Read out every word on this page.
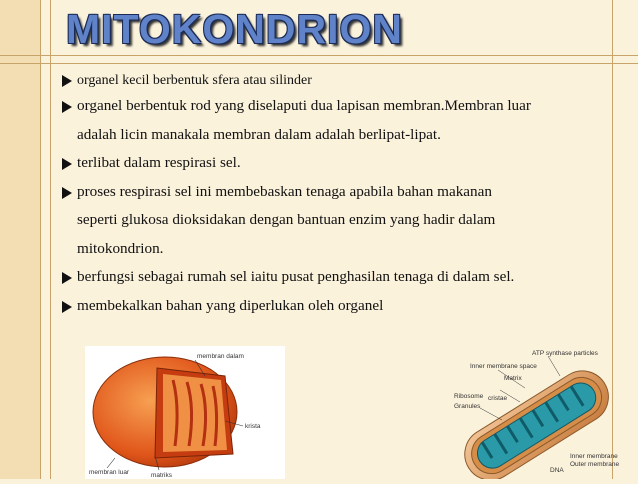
MITOKONDRION
organel kecil berbentuk sfera atau silinder
organel berbentuk rod yang diselaputi dua lapisan membran.Membran luar
adalah licin manakala membran dalam adalah berlipat-lipat.
terlibat dalam respirasi sel.
proses respirasi sel ini membebaskan tenaga apabila bahan makanan
seperti glukosa dioksidakan dengan bantuan enzim yang hadir dalam
mitokondrion.
berfungsi sebagai rumah sel iaitu pusat penghasilan tenaga di dalam sel.
membekalkan bahan yang diperlukan oleh organel
membran dalam
krista
membran luar	matriks
ATP synthase particles
Inner membrane space
Matrix
Ribosome cristae
Granules
Inner membrane
DNA
Outer membrane
